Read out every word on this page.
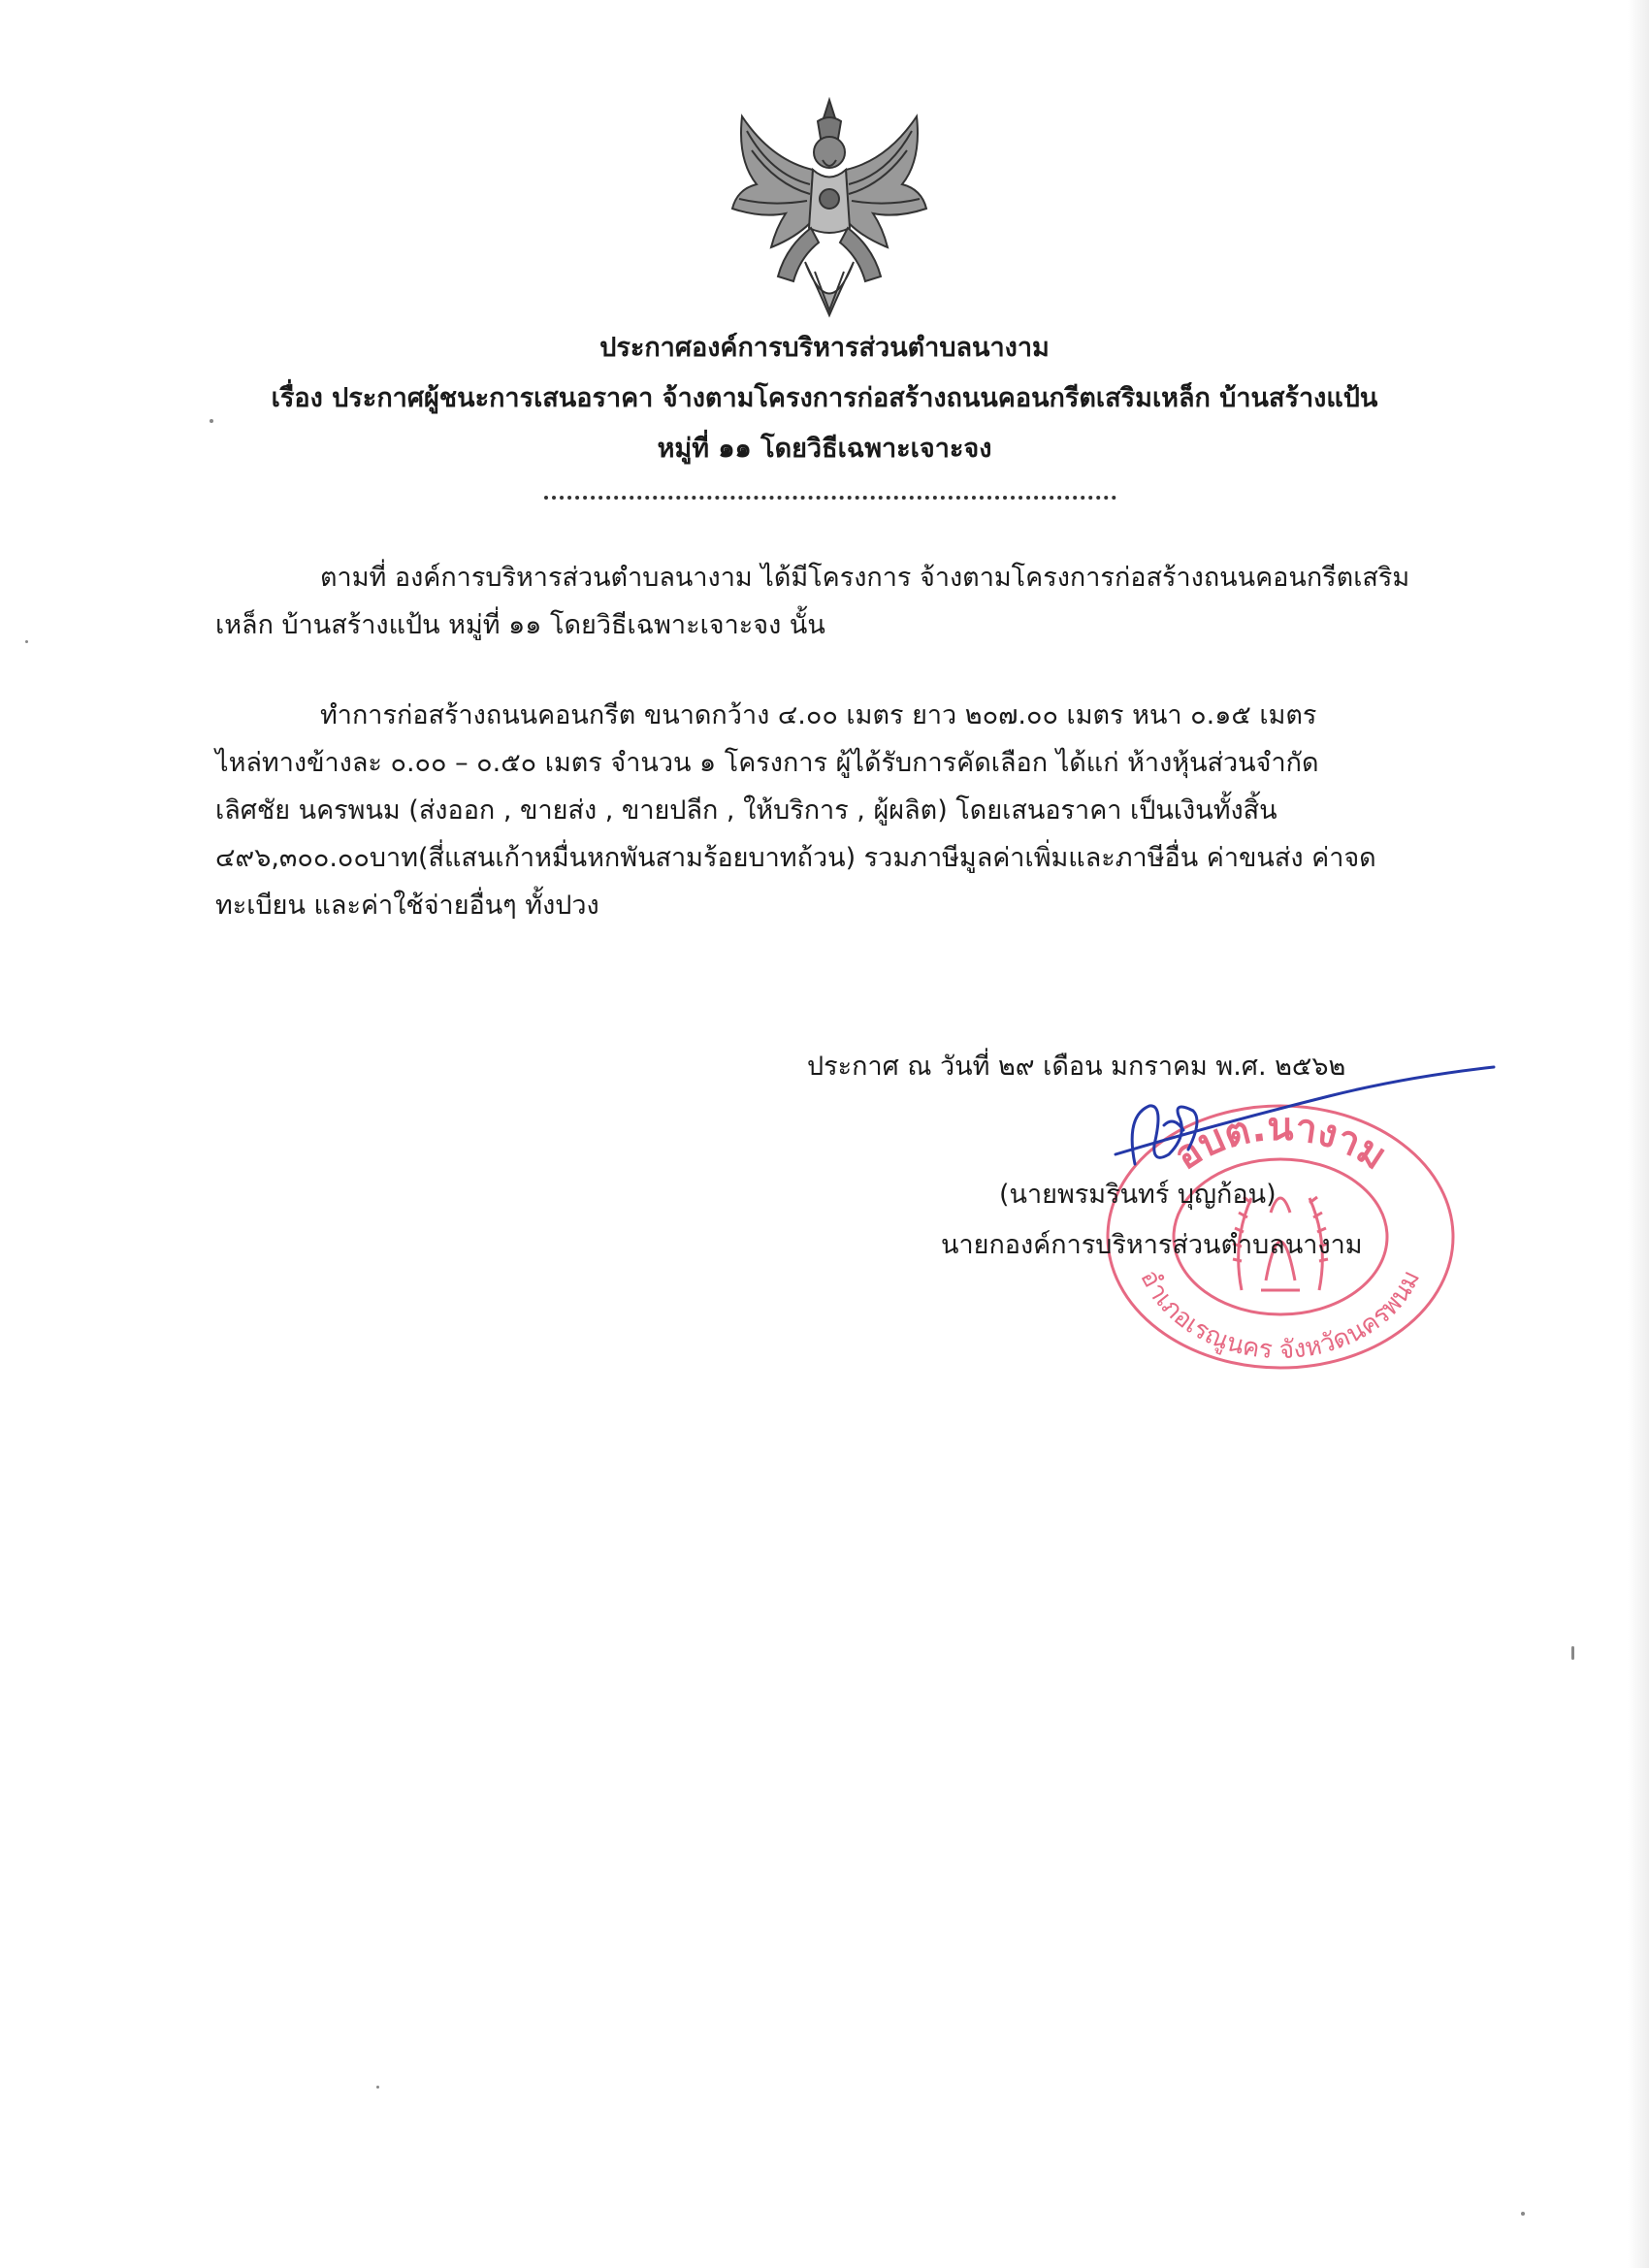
ประกาศองค์การบริหารส่วนตำบลนางาม
เรื่อง ประกาศผู้ชนะการเสนอราคา จ้างตามโครงการก่อสร้างถนนคอนกรีตเสริมเหล็ก บ้านสร้างแป้น
หมู่ที่ ๑๑ โดยวิธีเฉพาะเจาะจง

ตามที่ องค์การบริหารส่วนตำบลนางาม ได้มีโครงการ จ้างตามโครงการก่อสร้างถนนคอนกรีตเสริม
เหล็ก บ้านสร้างแป้น หมู่ที่ ๑๑ โดยวิธีเฉพาะเจาะจง นั้น

ทำการก่อสร้างถนนคอนกรีต ขนาดกว้าง ๔.๐๐ เมตร ยาว ๒๐๗.๐๐ เมตร หนา ๐.๑๕ เมตร
ไหล่ทางข้างละ ๐.๐๐ – ๐.๕๐ เมตร จำนวน ๑ โครงการ ผู้ได้รับการคัดเลือก ได้แก่ ห้างหุ้นส่วนจำกัด
เลิศชัย นครพนม (ส่งออก , ขายส่ง , ขายปลีก , ให้บริการ , ผู้ผลิต) โดยเสนอราคา เป็นเงินทั้งสิ้น
๔๙๖,๓๐๐.๐๐บาท(สี่แสนเก้าหมื่นหกพันสามร้อยบาทถ้วน) รวมภาษีมูลค่าเพิ่มและภาษีอื่น ค่าขนส่ง ค่าจด
ทะเบียน และค่าใช้จ่ายอื่นๆ ทั้งปวง

ประกาศ ณ วันที่ ๒๙ เดือน มกราคม พ.ศ. ๒๕๖๒
อบต.นางาม
อำเภอเรณูนคร จังหวัดนครพนม
(นายพรมรินทร์ บุญก้อน)
นายกองค์การบริหารส่วนตำบลนางาม
